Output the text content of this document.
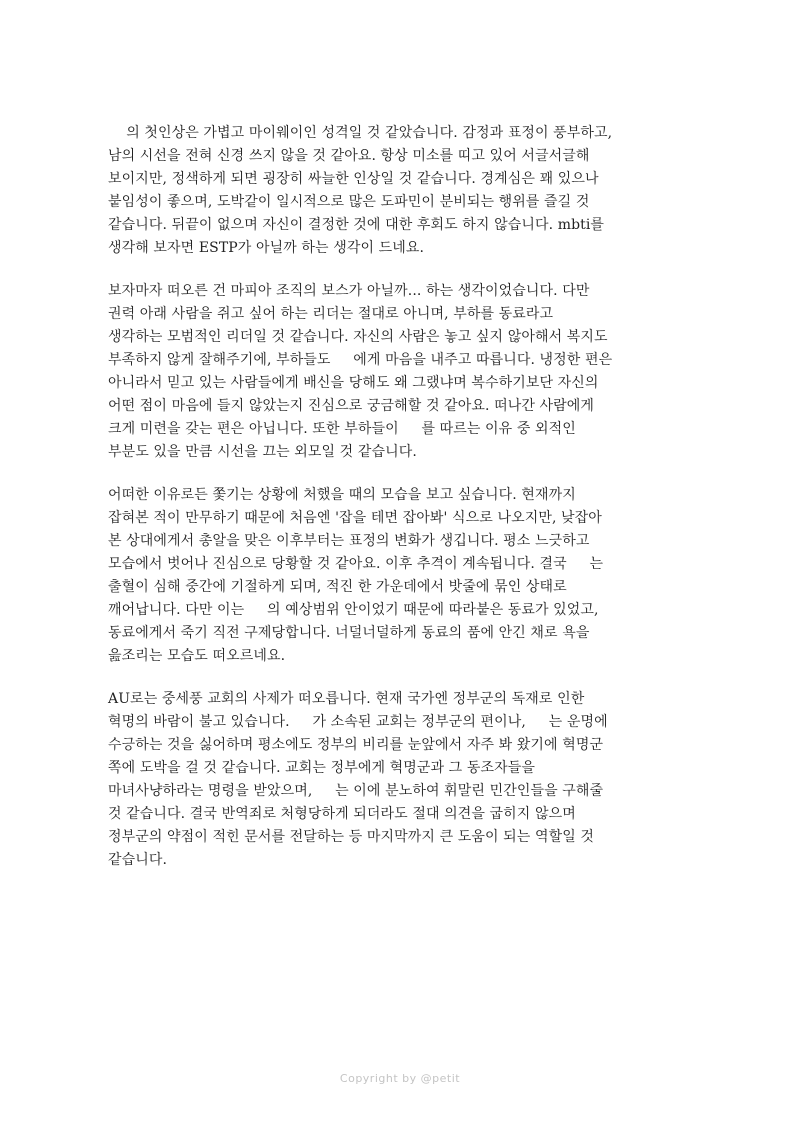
의 첫인상은 가볍고 마이웨이인 성격일 것 같았습니다. 감정과 표정이 풍부하고,
남의 시선을 전혀 신경 쓰지 않을 것 같아요. 항상 미소를 띠고 있어 서글서글해
보이지만, 정색하게 되면 굉장히 싸늘한 인상일 것 같습니다. 경계심은 꽤 있으나
붙임성이 좋으며, 도박같이 일시적으로 많은 도파민이 분비되는 행위를 즐길 것
같습니다. 뒤끝이 없으며 자신이 결정한 것에 대한 후회도 하지 않습니다. mbti를
생각해 보자면 ESTP가 아닐까 하는 생각이 드네요.
보자마자 떠오른 건 마피아 조직의 보스가 아닐까... 하는 생각이었습니다. 다만
권력 아래 사람을 쥐고 싶어 하는 리더는 절대로 아니며, 부하를 동료라고
생각하는 모범적인 리더일 것 같습니다. 자신의 사람은 놓고 싶지 않아해서 복지도
부족하지 않게 잘해주기에, 부하들도     에게 마음을 내주고 따릅니다. 냉정한 편은
아니라서 믿고 있는 사람들에게 배신을 당해도 왜 그랬냐며 복수하기보단 자신의
어떤 점이 마음에 들지 않았는지 진심으로 궁금해할 것 같아요. 떠나간 사람에게
크게 미련을 갖는 편은 아닙니다. 또한 부하들이     를 따르는 이유 중 외적인
부분도 있을 만큼 시선을 끄는 외모일 것 같습니다.
어떠한 이유로든 쫓기는 상황에 처했을 때의 모습을 보고 싶습니다. 현재까지
잡혀본 적이 만무하기 때문에 처음엔 '잡을 테면 잡아봐' 식으로 나오지만, 낮잡아
본 상대에게서 총알을 맞은 이후부터는 표정의 변화가 생깁니다. 평소 느긋하고
모습에서 벗어나 진심으로 당황할 것 같아요. 이후 추격이 계속됩니다. 결국     는
출혈이 심해 중간에 기절하게 되며, 적진 한 가운데에서 밧줄에 묶인 상태로
깨어납니다. 다만 이는     의 예상범위 안이었기 때문에 따라붙은 동료가 있었고,
동료에게서 죽기 직전 구제당합니다. 너덜너덜하게 동료의 품에 안긴 채로 욕을
읊조리는 모습도 떠오르네요.
AU로는 중세풍 교회의 사제가 떠오릅니다. 현재 국가엔 정부군의 독재로 인한
혁명의 바람이 불고 있습니다.     가 소속된 교회는 정부군의 편이나,     는 운명에
수긍하는 것을 싫어하며 평소에도 정부의 비리를 눈앞에서 자주 봐 왔기에 혁명군
쪽에 도박을 걸 것 같습니다. 교회는 정부에게 혁명군과 그 동조자들을
마녀사냥하라는 명령을 받았으며,     는 이에 분노하여 휘말린 민간인들을 구해줄
것 같습니다. 결국 반역죄로 처형당하게 되더라도 절대 의견을 굽히지 않으며
정부군의 약점이 적힌 문서를 전달하는 등 마지막까지 큰 도움이 되는 역할일 것
같습니다.
Copyright by @petit
